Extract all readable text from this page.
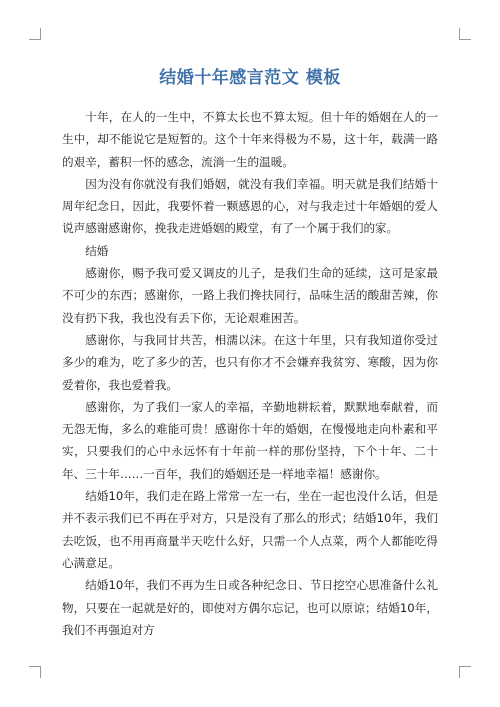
结婚十年感言范文 模板

十年，在人的一生中，不算太长也不算太短。但十年的婚姻在人的一生中，却不能说它是短暂的。这个十年来得极为不易，这十年，载满一路的艰辛，蓄积一怀的感念，流淌一生的温暖。

因为没有你就没有我们婚姻，就没有我们幸福。明天就是我们结婚十周年纪念日，因此，我要怀着一颗感恩的心，对与我走过十年婚姻的爱人说声感谢感谢你，挽我走进婚姻的殿堂，有了一个属于我们的家。

结婚

感谢你，赐予我可爱又调皮的儿子，是我们生命的延续，这可是家最不可少的东西；感谢你，一路上我们搀扶同行，品味生活的酸甜苦辣，你没有扔下我，我也没有丢下你，无论艰难困苦。

感谢你，与我同甘共苦，相濡以沫。在这十年里，只有我知道你受过多少的难为，吃了多少的苦，也只有你才不会嫌弃我贫穷、寒酸，因为你爱着你，我也爱着我。

感谢你，为了我们一家人的幸福，辛勤地耕耘着，默默地奉献着，而无怨无悔，多么的难能可贵！感谢你十年的婚姻，在慢慢地走向朴素和平实，只要我们的心中永远怀有十年前一样的那份坚持，下个十年、二十年、三十年……一百年，我们的婚姻还是一样地幸福！感谢你。

结婚10年，我们走在路上常常一左一右，坐在一起也没什么话，但是并不表示我们已不再在乎对方，只是没有了那么的形式；结婚10年，我们去吃饭，也不用再商量半天吃什么好，只需一个人点菜，两个人都能吃得心满意足。

结婚10年，我们不再为生日或各种纪念日、节日挖空心思准备什么礼物，只要在一起就是好的，即使对方偶尔忘记，也可以原谅；结婚10年，我们不再强迫对方
